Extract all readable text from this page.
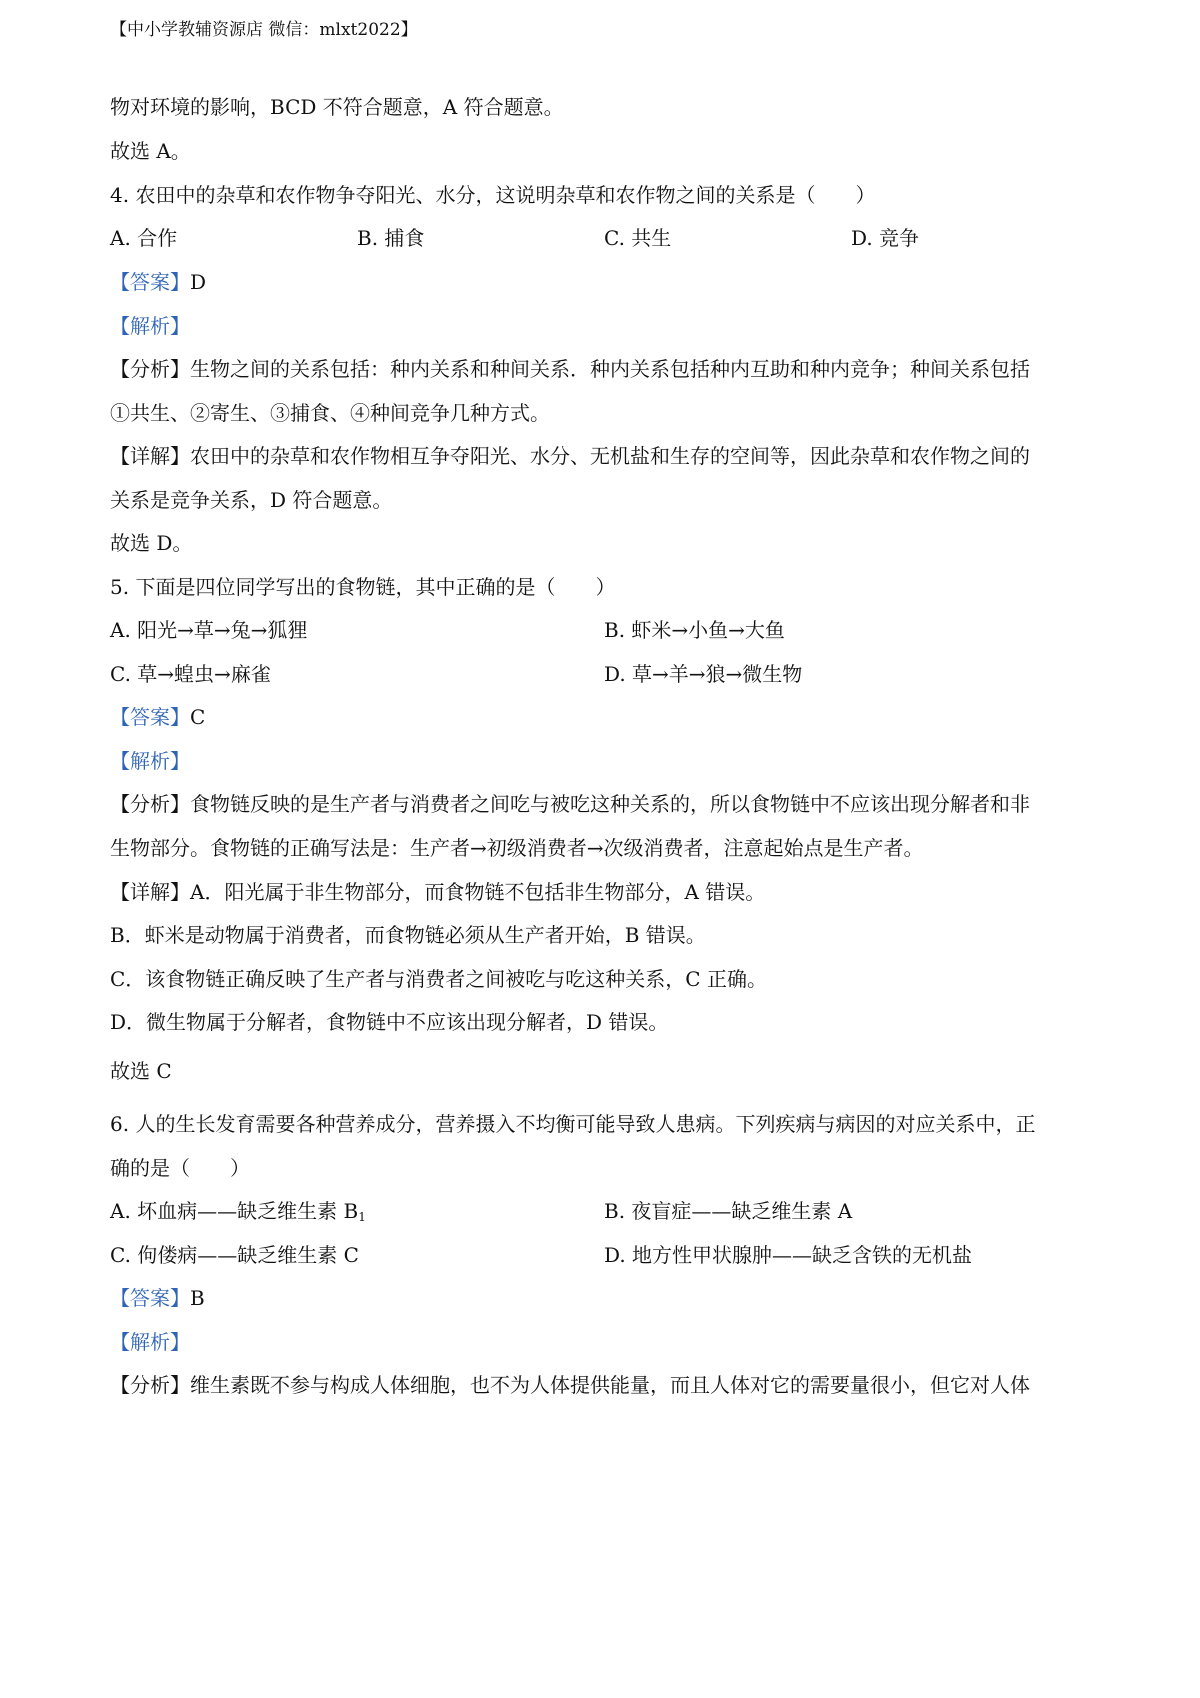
【中小学教辅资源店 微信：mlxt2022】
物对环境的影响，BCD 不符合题意，A 符合题意。
故选 A。
4. 农田中的杂草和农作物争夺阳光、水分，这说明杂草和农作物之间的关系是（　　）
A. 合作	B. 捕食	C. 共生	D. 竞争
【答案】D
【解析】
【分析】生物之间的关系包括：种内关系和种间关系．种内关系包括种内互助和种内竞争；种间关系包括
①共生、②寄生、③捕食、④种间竞争几种方式。
【详解】农田中的杂草和农作物相互争夺阳光、水分、无机盐和生存的空间等，因此杂草和农作物之间的
关系是竞争关系，D 符合题意。
故选 D。
5. 下面是四位同学写出的食物链，其中正确的是（　　）
A. 阳光→草→兔→狐狸	B. 虾米→小鱼→大鱼
C. 草→蝗虫→麻雀	D. 草→羊→狼→微生物
【答案】C
【解析】
【分析】食物链反映的是生产者与消费者之间吃与被吃这种关系的，所以食物链中不应该出现分解者和非
生物部分。食物链的正确写法是：生产者→初级消费者→次级消费者，注意起始点是生产者。
【详解】A．阳光属于非生物部分，而食物链不包括非生物部分，A 错误。
B．虾米是动物属于消费者，而食物链必须从生产者开始，B 错误。
C．该食物链正确反映了生产者与消费者之间被吃与吃这种关系，C 正确。
D．微生物属于分解者，食物链中不应该出现分解者，D 错误。
故选 C
6. 人的生长发育需要各种营养成分，营养摄入不均衡可能导致人患病。下列疾病与病因的对应关系中，正
确的是（　　）
A. 坏血病——缺乏维生素 $B_1$	B. 夜盲症——缺乏维生素 A
C. 佝偻病——缺乏维生素 C	D. 地方性甲状腺肿——缺乏含铁的无机盐
【答案】B
【解析】
【分析】维生素既不参与构成人体细胞，也不为人体提供能量，而且人体对它的需要量很小，但它对人体
